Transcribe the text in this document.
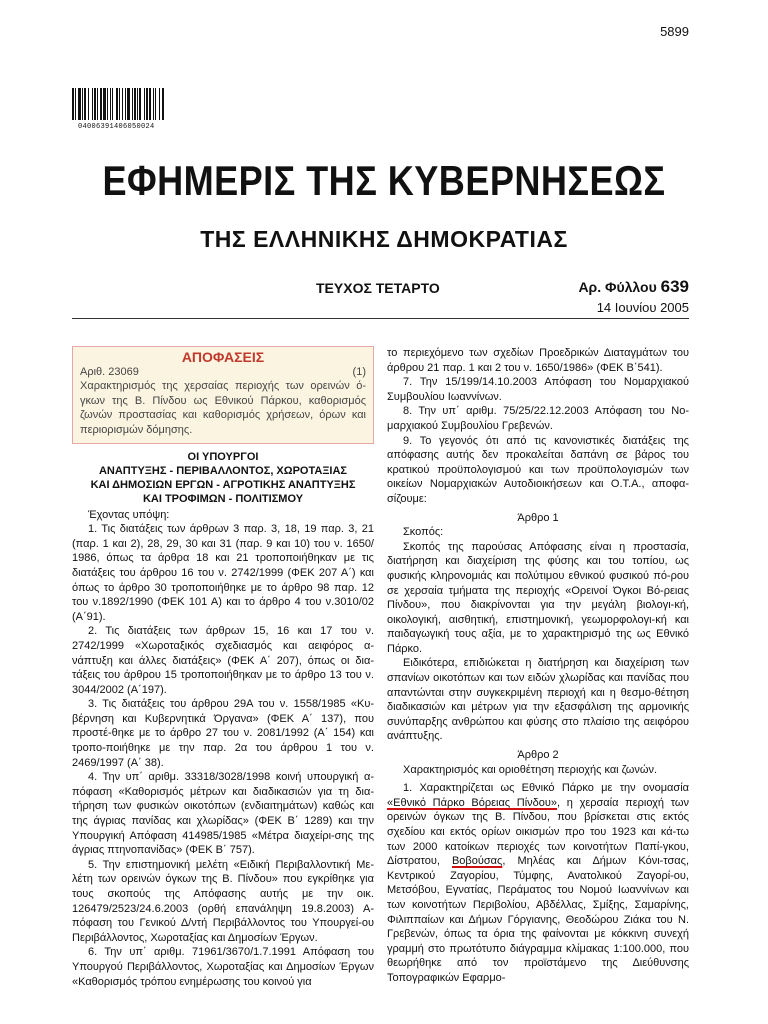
5899
04006391406050024
ΕΦΗΜΕΡΙΣ ΤΗΣ ΚΥΒΕΡΝΗΣΕΩΣ
ΤΗΣ ΕΛΛΗΝΙΚΗΣ ΔΗΜΟΚΡΑΤΙΑΣ
ΤΕΥΧΟΣ ΤΕΤΑΡΤΟ	Αρ. Φύλλου 639
14 Ιουνίου 2005
ΑΠΟΦΑΣΕΙΣ
Αριθ. 23069	(1)
Χαρακτηρισμός της χερσαίας περιοχής των ορεινών ό-γκων της Β. Πίνδου ως Εθνικού Πάρκου, καθορισμός ζωνών προστασίας και καθορισμός χρήσεων, όρων και περιορισμών δόμησης.
ΟΙ ΥΠΟΥΡΓΟΙ
ΑΝΑΠΤΥΞΗΣ - ΠΕΡΙΒΑΛΛΟΝΤΟΣ, ΧΩΡΟΤΑΞΙΑΣ
ΚΑΙ ΔΗΜΟΣΙΩΝ ΕΡΓΩΝ - ΑΓΡΟΤΙΚΗΣ ΑΝΑΠΤΥΞΗΣ
ΚΑΙ ΤΡΟΦΙΜΩΝ - ΠΟΛΙΤΙΣΜΟΥ

Έχοντας υπόψη:

1. Τις διατάξεις των άρθρων 3 παρ. 3, 18, 19 παρ. 3, 21 (παρ. 1 και 2), 28, 29, 30 και 31 (παρ. 9 και 10) του ν. 1650/ 1986, όπως τα άρθρα 18 και 21 τροποποιήθηκαν με τις διατάξεις του άρθρου 16 του ν. 2742/1999 (ΦΕΚ 207 Α΄) και όπως το άρθρο 30 τροποποιήθηκε με το άρθρο 98 παρ. 12 του ν.1892/1990 (ΦΕΚ 101 Α) και το άρθρο 4 του ν.3010/02 (Α΄91).

2. Τις διατάξεις των άρθρων 15, 16 και 17 του ν. 2742/1999 «Χωροταξικός σχεδιασμός και αειφόρος α-νάπτυξη και άλλες διατάξεις» (ΦΕΚ Α΄ 207), όπως οι δια-τάξεις του άρθρου 15 τροποποιήθηκαν με το άρθρο 13 του ν. 3044/2002 (Α΄197).

3. Τις διατάξεις του άρθρου 29Α του ν. 1558/1985 «Κυ-βέρνηση και Κυβερνητικά Όργανα» (ΦΕΚ Α΄ 137), που προστέ-θηκε με το άρθρο 27 του ν. 2081/1992 (Α΄ 154) και τροπο-ποιήθηκε με την παρ. 2α του άρθρου 1 του ν. 2469/1997 (Α΄ 38).

4. Την υπ΄ αριθμ. 33318/3028/1998 κοινή υπουργική α-πόφαση «Καθορισμός μέτρων και διαδικασιών για τη δια-τήρηση των φυσικών οικοτόπων (ενδιαιτημάτων) καθώς και της άγριας πανίδας και χλωρίδας» (ΦΕΚ Β΄ 1289) και την Υπουργική Απόφαση 414985/1985 «Μέτρα διαχείρι-σης της άγριας πτηνοπανίδας» (ΦΕΚ Β΄ 757).

5. Την επιστημονική μελέτη «Ειδική Περιβαλλοντική Με-λέτη των ορεινών όγκων της Β. Πίνδου» που εγκρίθηκε για τους σκοπούς της Απόφασης αυτής με την οικ. 126479/2523/24.6.2003 (ορθή επανάληψη 19.8.2003) Α-πόφαση του Γενικού Δ/ντή Περιβάλλοντος του Υπουργεί-ου Περιβάλλοντος, Χωροταξίας και Δημοσίων Έργων.

6. Την υπ΄ αριθμ. 71961/3670/1.7.1991 Απόφαση του Υπουργού Περιβάλλοντος, Χωροταξίας και Δημοσίων Έργων «Καθορισμός τρόπου ενημέρωσης του κοινού για

το περιεχόμενο των σχεδίων Προεδρικών Διαταγμάτων του άρθρου 21 παρ. 1 και 2 του ν. 1650/1986» (ΦΕΚ Β΄541).

7. Την 15/199/14.10.2003 Απόφαση του Νομαρχιακού Συμβουλίου Ιωαννίνων.

8. Την υπ΄ αριθμ. 75/25/22.12.2003 Απόφαση του Νο-μαρχιακού Συμβουλίου Γρεβενών.

9. Το γεγονός ότι από τις κανονιστικές διατάξεις της απόφασης αυτής δεν προκαλείται δαπάνη σε βάρος του κρατικού προϋπολογισμού και των προϋπολογισμών των οικείων Νομαρχιακών Αυτοδιοικήσεων και Ο.Τ.Α., αποφα-σίζουμε:

Άρθρο 1

Σκοπός:

Σκοπός της παρούσας Απόφασης είναι η προστασία, διατήρηση και διαχείριση της φύσης και του τοπίου, ως φυσικής κληρονομιάς και πολύτιμου εθνικού φυσικού πό-ρου σε χερσαία τμήματα της περιοχής «Ορεινοί Όγκοι Βό-ρειας Πίνδου», που διακρίνονται για την μεγάλη βιολογι-κή, οικολογική, αισθητική, επιστημονική, γεωμορφολογι-κή και παιδαγωγική τους αξία, με το χαρακτηρισμό της ως Εθνικό Πάρκο.

Ειδικότερα, επιδιώκεται η διατήρηση και διαχείριση των σπανίων οικοτόπων και των ειδών χλωρίδας και πανίδας που απαντώνται στην συγκεκριμένη περιοχή και η θεσμο-θέτηση διαδικασιών και μέτρων για την εξασφάλιση της αρμονικής συνύπαρξης ανθρώπου και φύσης στο πλαίσιο της αειφόρου ανάπτυξης.

Άρθρο 2

Χαρακτηρισμός και οριοθέτηση περιοχής και ζωνών.

1. Χαρακτηρίζεται ως Εθνικό Πάρκο με την ονομασία «Εθνικό Πάρκο Βόρειας Πίνδου», η χερσαία περιοχή των ορεινών όγκων της Β. Πίνδου, που βρίσκεται στις εκτός σχεδίου και εκτός ορίων οικισμών προ του 1923 και κά-τω των 2000 κατοίκων περιοχές των κοινοτήτων Παπί-γκου, Δίστρατου, Βοβούσας, Μηλέας και Δήμων Κόνι-τσας, Κεντρικού Ζαγορίου, Τύμφης, Ανατολικού Ζαγορί-ου, Μετσόβου, Εγνατίας, Περάματος του Νομού Ιωαννίνων και των κοινοτήτων Περιβολίου, Αβδέλλας, Σμίξης, Σαμαρίνης, Φιλιππαίων και Δήμων Γόργιανης, Θεοδώρου Ζιάκα του Ν. Γρεβενών, όπως τα όρια της φαίνονται με κόκκινη συνεχή γραμμή στο πρωτότυπο διάγραμμα κλίμακας 1:100.000, που θεωρήθηκε από τον προϊστάμενο της Διεύθυνσης Τοπογραφικών Εφαρμο-
